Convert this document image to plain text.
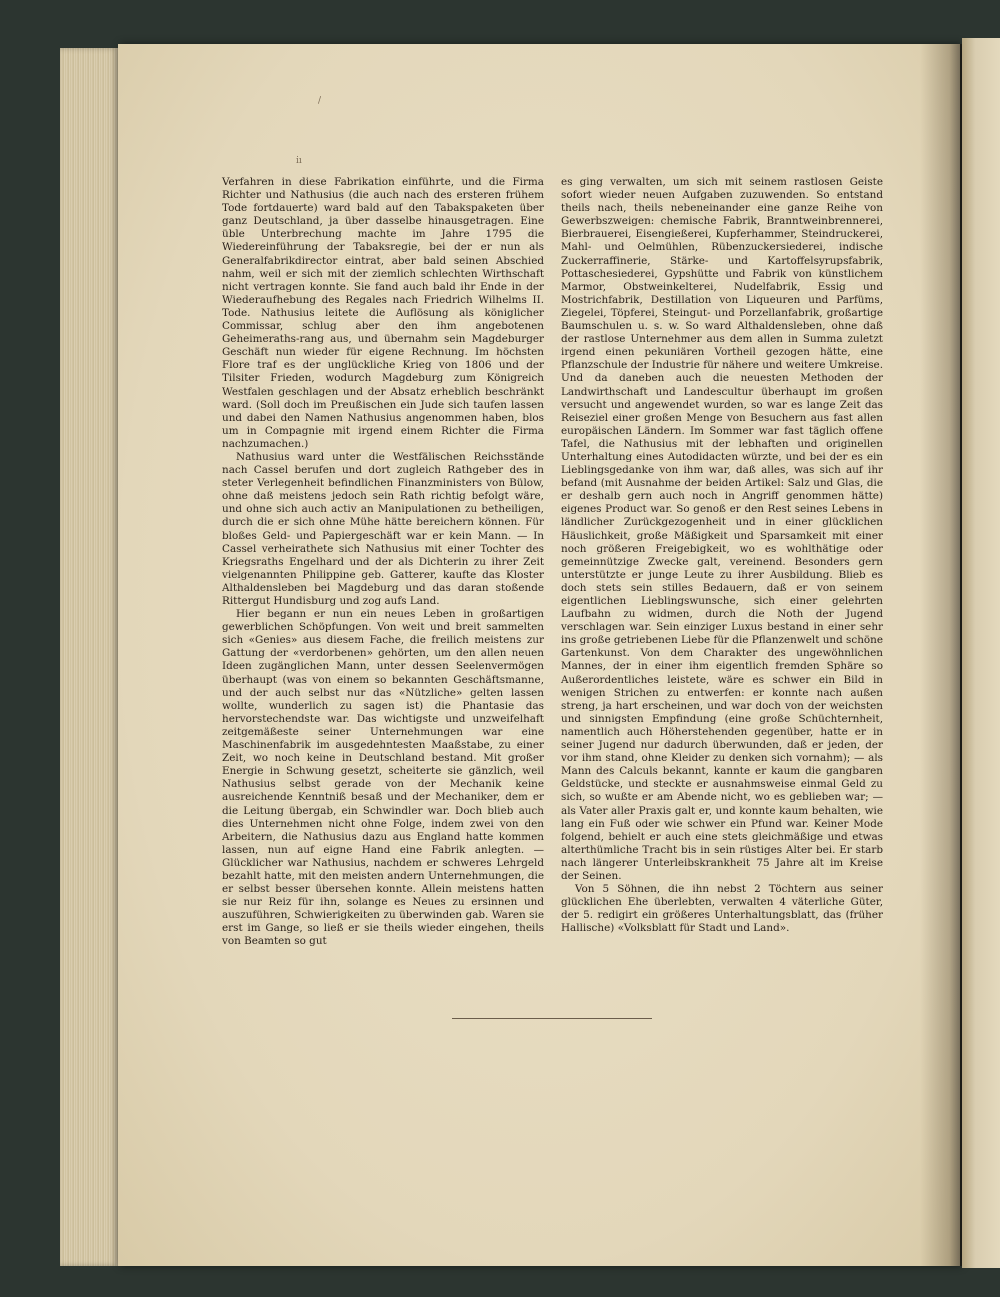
/
ı̇ı

Verfahren in diese Fabrikation einführte, und die Firma Richter und Nathusius (die auch nach des ersteren frühem Tode fortdauerte) ward bald auf den Tabakspaketen über ganz Deutschland, ja über dasselbe hinausgetragen. Eine üble Unterbrechung machte im Jahre 1795 die Wiedereinführung der Tabaksregie, bei der er nun als Generalfabrikdirector eintrat, aber bald seinen Abschied nahm, weil er sich mit der ziemlich schlechten Wirthschaft nicht vertragen konnte. Sie fand auch bald ihr Ende in der Wiederaufhebung des Regales nach Friedrich Wilhelms II. Tode. Nathusius leitete die Auflösung als königlicher Commissar, schlug aber den ihm angebotenen Geheimeraths-rang aus, und übernahm sein Magdeburger Geschäft nun wieder für eigene Rechnung. Im höchsten Flore traf es der unglückliche Krieg von 1806 und der Tilsiter Frieden, wodurch Magdeburg zum Königreich Westfalen geschlagen und der Absatz erheblich beschränkt ward. (Soll doch im Preußischen ein Jude sich taufen lassen und dabei den Namen Nathusius angenommen haben, blos um in Compagnie mit irgend einem Richter die Firma nachzumachen.)

Nathusius ward unter die Westfälischen Reichsstände nach Cassel berufen und dort zugleich Rathgeber des in steter Verlegenheit befindlichen Finanzministers von Bülow, ohne daß meistens jedoch sein Rath richtig befolgt wäre, und ohne sich auch activ an Manipulationen zu betheiligen, durch die er sich ohne Mühe hätte bereichern können. Für bloßes Geld- und Papiergeschäft war er kein Mann. — In Cassel verheirathete sich Nathusius mit einer Tochter des Kriegsraths Engelhard und der als Dichterin zu ihrer Zeit vielgenannten Philippine geb. Gatterer, kaufte das Kloster Althaldensleben bei Magdeburg und das daran stoßende Rittergut Hundisburg und zog aufs Land.

Hier begann er nun ein neues Leben in großartigen gewerblichen Schöpfungen. Von weit und breit sammelten sich «Genies» aus diesem Fache, die freilich meistens zur Gattung der «verdorbenen» gehörten, um den allen neuen Ideen zugänglichen Mann, unter dessen Seelenvermögen überhaupt (was von einem so bekannten Geschäftsmanne, und der auch selbst nur das «Nützliche» gelten lassen wollte, wunderlich zu sagen ist) die Phantasie das hervorstechendste war. Das wichtigste und unzweifelhaft zeitgemäßeste seiner Unternehmungen war eine Maschinenfabrik im ausgedehntesten Maaßstabe, zu einer Zeit, wo noch keine in Deutschland bestand. Mit großer Energie in Schwung gesetzt, scheiterte sie gänzlich, weil Nathusius selbst gerade von der Mechanik keine ausreichende Kenntniß besaß und der Mechaniker, dem er die Leitung übergab, ein Schwindler war. Doch blieb auch dies Unternehmen nicht ohne Folge, indem zwei von den Arbeitern, die Nathusius dazu aus England hatte kommen lassen, nun auf eigne Hand eine Fabrik anlegten. — Glücklicher war Nathusius, nachdem er schweres Lehrgeld bezahlt hatte, mit den meisten andern Unternehmungen, die er selbst besser übersehen konnte. Allein meistens hatten sie nur Reiz für ihn, solange es Neues zu ersinnen und auszuführen, Schwierigkeiten zu überwinden gab. Waren sie erst im Gange, so ließ er sie theils wieder eingehen, theils von Beamten so gut

es ging verwalten, um sich mit seinem rastlosen Geiste sofort wieder neuen Aufgaben zuzuwenden. So entstand theils nach, theils nebeneinander eine ganze Reihe von Gewerbszweigen: chemische Fabrik, Branntweinbrennerei, Bierbrauerei, Eisengießerei, Kupferhammer, Steindruckerei, Mahl- und Oelmühlen, Rübenzuckersiederei, indische Zuckerraffinerie, Stärke- und Kartoffelsyrupsfabrik, Pottaschesiederei, Gypshütte und Fabrik von künstlichem Marmor, Obstweinkelterei, Nudelfabrik, Essig und Mostrichfabrik, Destillation von Liqueuren und Parfüms, Ziegelei, Töpferei, Steingut- und Porzellanfabrik, großartige Baumschulen u. s. w. So ward Althaldensleben, ohne daß der rastlose Unternehmer aus dem allen in Summa zuletzt irgend einen pekuniären Vortheil gezogen hätte, eine Pflanzschule der Industrie für nähere und weitere Umkreise. Und da daneben auch die neuesten Methoden der Landwirthschaft und Landescultur überhaupt im großen versucht und angewendet wurden, so war es lange Zeit das Reiseziel einer großen Menge von Besuchern aus fast allen europäischen Ländern. Im Sommer war fast täglich offene Tafel, die Nathusius mit der lebhaften und originellen Unterhaltung eines Autodidacten würzte, und bei der es ein Lieblingsgedanke von ihm war, daß alles, was sich auf ihr befand (mit Ausnahme der beiden Artikel: Salz und Glas, die er deshalb gern auch noch in Angriff genommen hätte) eigenes Product war. So genoß er den Rest seines Lebens in ländlicher Zurückgezogenheit und in einer glücklichen Häuslichkeit, große Mäßigkeit und Sparsamkeit mit einer noch größeren Freigebigkeit, wo es wohlthätige oder gemeinnützige Zwecke galt, vereinend. Besonders gern unterstützte er junge Leute zu ihrer Ausbildung. Blieb es doch stets sein stilles Bedauern, daß er von seinem eigentlichen Lieblingswunsche, sich einer gelehrten Laufbahn zu widmen, durch die Noth der Jugend verschlagen war. Sein einziger Luxus bestand in einer sehr ins große getriebenen Liebe für die Pflanzenwelt und schöne Gartenkunst. Von dem Charakter des ungewöhnlichen Mannes, der in einer ihm eigentlich fremden Sphäre so Außerordentliches leistete, wäre es schwer ein Bild in wenigen Strichen zu entwerfen: er konnte nach außen streng, ja hart erscheinen, und war doch von der weichsten und sinnigsten Empfindung (eine große Schüchternheit, namentlich auch Höherstehenden gegenüber, hatte er in seiner Jugend nur dadurch überwunden, daß er jeden, der vor ihm stand, ohne Kleider zu denken sich vornahm); — als Mann des Calculs bekannt, kannte er kaum die gangbaren Geldstücke, und steckte er ausnahmsweise einmal Geld zu sich, so wußte er am Abende nicht, wo es geblieben war; — als Vater aller Praxis galt er, und konnte kaum behalten, wie lang ein Fuß oder wie schwer ein Pfund war. Keiner Mode folgend, behielt er auch eine stets gleichmäßige und etwas alterthümliche Tracht bis in sein rüstiges Alter bei. Er starb nach längerer Unterleibskrankheit 75 Jahre alt im Kreise der Seinen.

Von 5 Söhnen, die ihn nebst 2 Töchtern aus seiner glücklichen Ehe überlebten, verwalten 4 väterliche Güter, der 5. redigirt ein größeres Unterhaltungsblatt, das (früher Hallische) «Volksblatt für Stadt und Land».
